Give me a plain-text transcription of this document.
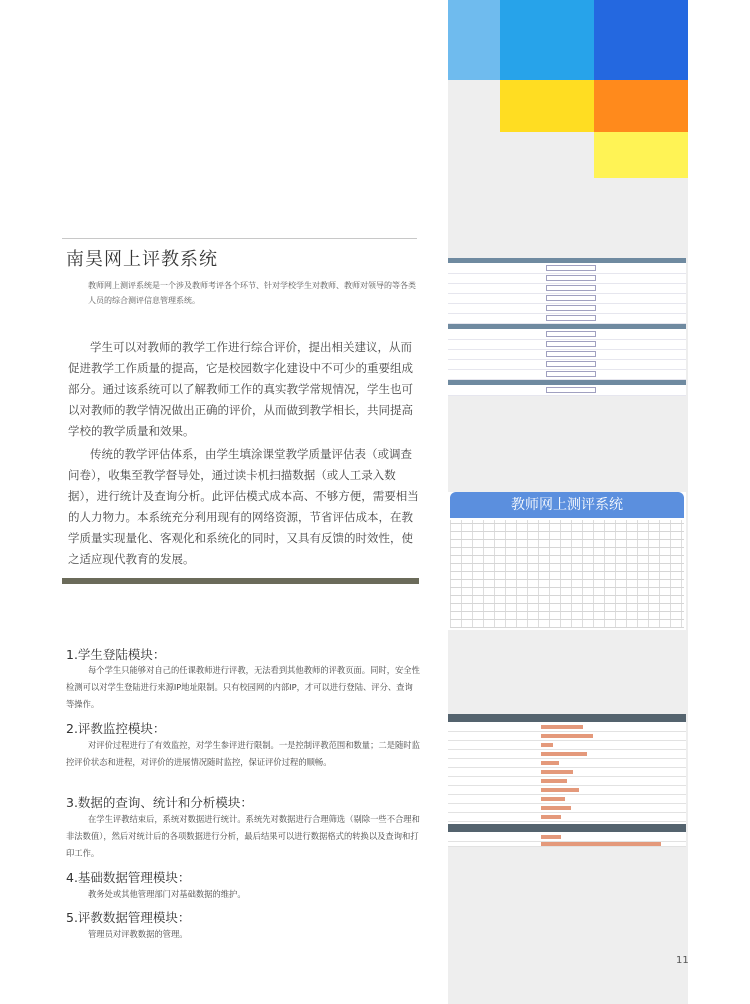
南昊网上评教系统
教师网上测评系统是一个涉及教师考评各个环节、针对学校学生对教师、教师对领导的等各类人员的综合测评信息管理系统。
学生可以对教师的教学工作进行综合评价，提出相关建议，从而促进教学工作质量的提高，它是校园数字化建设中不可少的重要组成部分。通过该系统可以了解教师工作的真实教学常规情况，学生也可以对教师的教学情况做出正确的评价，从而做到教学相长，共同提高学校的教学质量和效果。
传统的教学评估体系，由学生填涂课堂教学质量评估表（或调查问卷），收集至教学督导处，通过读卡机扫描数据（或人工录入数据），进行统计及查询分析。此评估模式成本高、不够方便，需要相当的人力物力。本系统充分利用现有的网络资源，节省评估成本，在教学质量实现量化、客观化和系统化的同时，又具有反馈的时效性，使之适应现代教育的发展。
1.学生登陆模块：
每个学生只能够对自己的任课教师进行评教，无法看到其他教师的评教页面。同时，安全性检测可以对学生登陆进行来源IP地址限制。只有校园网的内部IP，才可以进行登陆、评分、查询等操作。
2.评教监控模块：
对评价过程进行了有效监控，对学生参评进行限制。一是控制评教范围和数量；二是随时监控评价状态和进程，对评价的进展情况随时监控，保证评价过程的顺畅。
3.数据的查询、统计和分析模块：
在学生评教结束后，系统对数据进行统计。系统先对数据进行合理筛选（剔除一些不合理和非法数值），然后对统计后的各项数据进行分析，最后结果可以进行数据格式的转换以及查询和打印工作。
4.基础数据管理模块：
教务处或其他管理部门对基础数据的维护。
5.评教数据管理模块：
管理员对评教数据的管理。
11
教师网上测评系统
